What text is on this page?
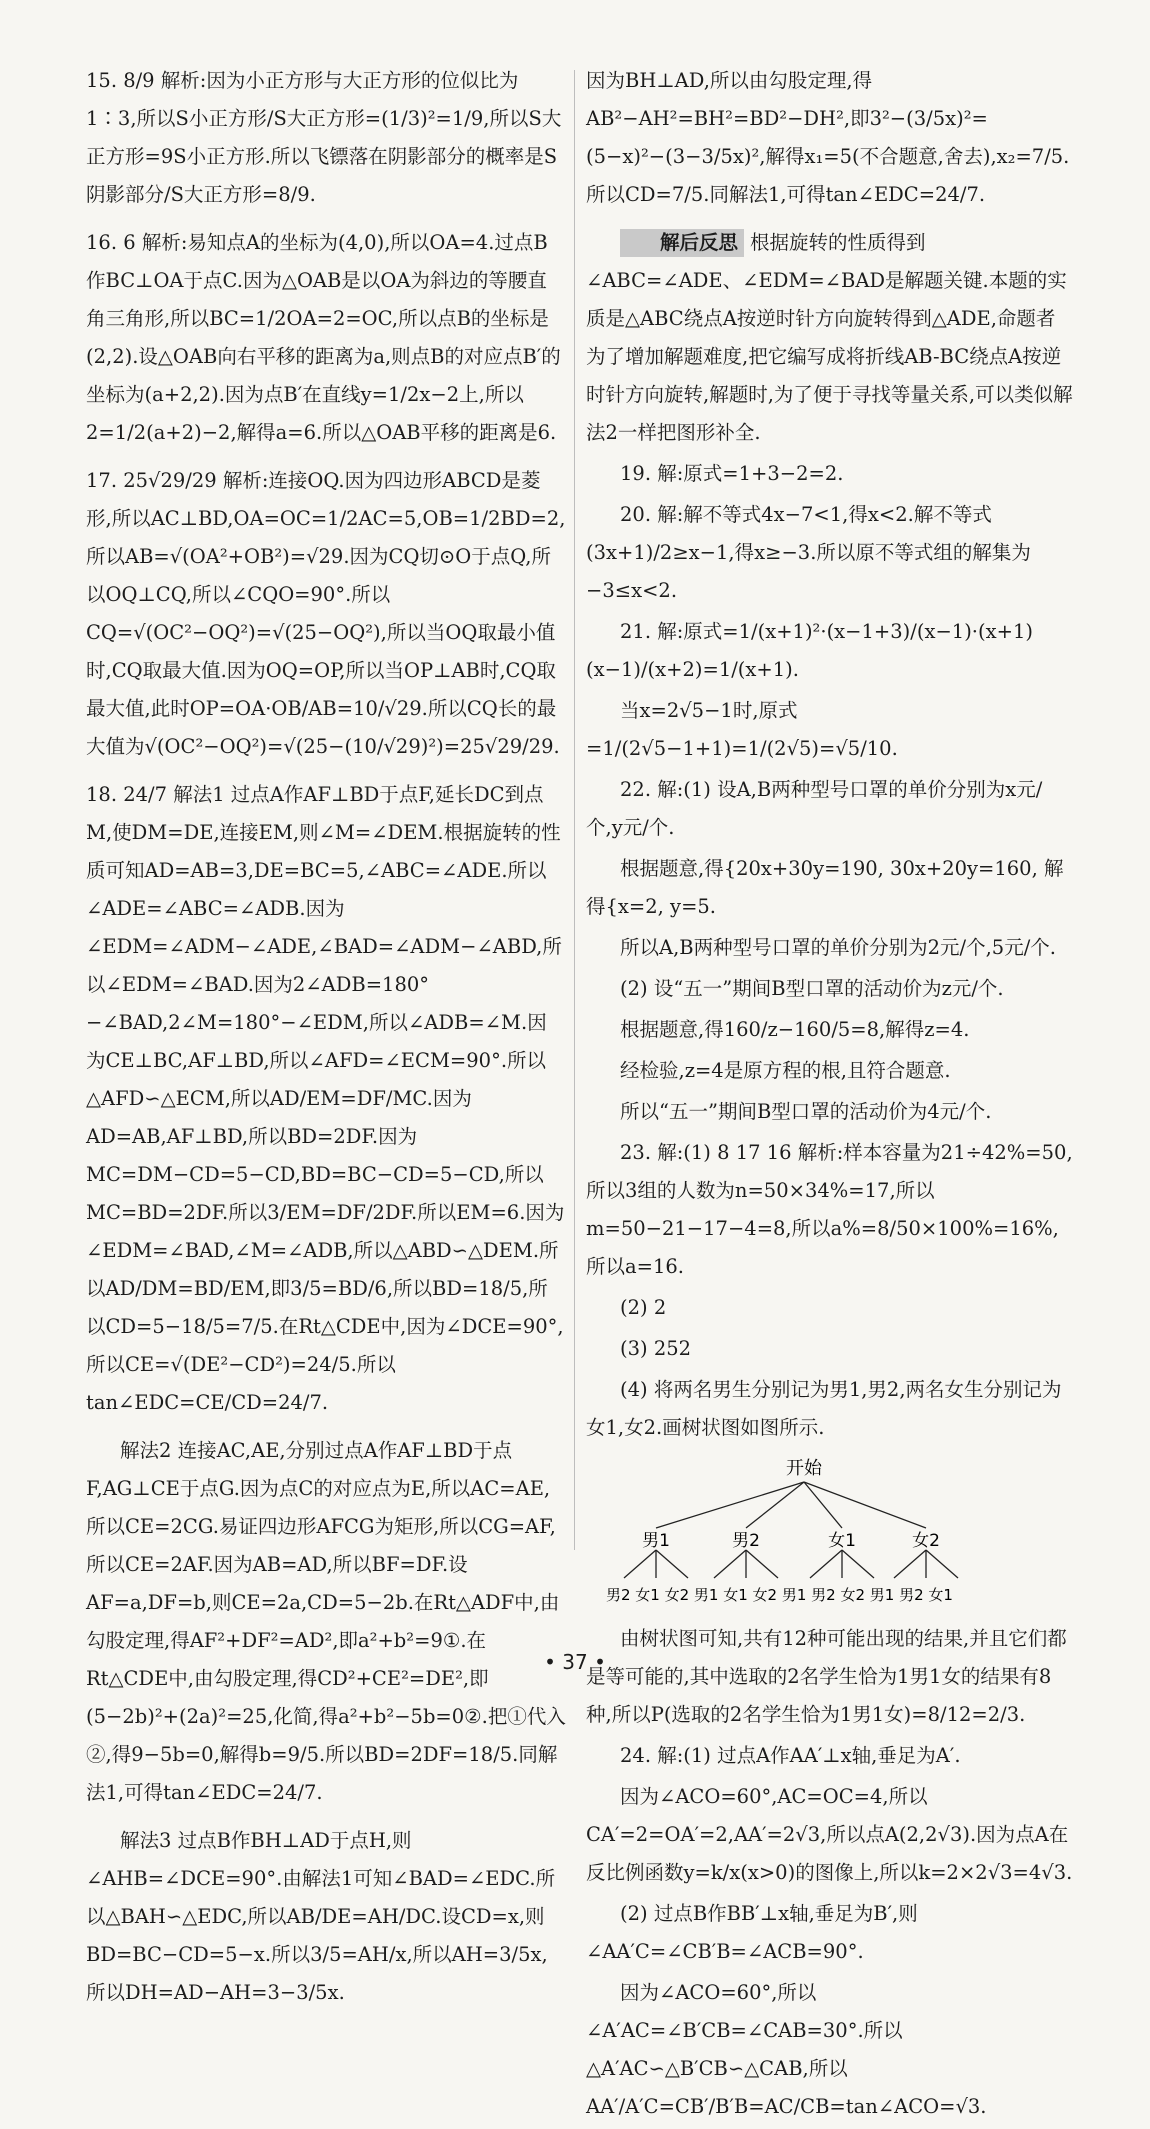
15. 8/9 解析:因为小正方形与大正方形的位似比为1∶3,所以S小正方形/S大正方形=(1/3)²=1/9,所以S大正方形=9S小正方形.所以飞镖落在阴影部分的概率是S阴影部分/S大正方形=8/9.

16. 6 解析:易知点A的坐标为(4,0),所以OA=4.过点B作BC⊥OA于点C.因为△OAB是以OA为斜边的等腰直角三角形,所以BC=1/2OA=2=OC,所以点B的坐标是(2,2).设△OAB向右平移的距离为a,则点B的对应点B′的坐标为(a+2,2).因为点B′在直线y=1/2x−2上,所以2=1/2(a+2)−2,解得a=6.所以△OAB平移的距离是6.

17. 25√29/29 解析:连接OQ.因为四边形ABCD是菱形,所以AC⊥BD,OA=OC=1/2AC=5,OB=1/2BD=2,所以AB=√(OA²+OB²)=√29.因为CQ切⊙O于点Q,所以OQ⊥CQ,所以∠CQO=90°.所以CQ=√(OC²−OQ²)=√(25−OQ²),所以当OQ取最小值时,CQ取最大值.因为OQ=OP,所以当OP⊥AB时,CQ取最大值,此时OP=OA·OB/AB=10/√29.所以CQ长的最大值为√(OC²−OQ²)=√(25−(10/√29)²)=25√29/29.

18. 24/7 解法1 过点A作AF⊥BD于点F,延长DC到点M,使DM=DE,连接EM,则∠M=∠DEM.根据旋转的性质可知AD=AB=3,DE=BC=5,∠ABC=∠ADE.所以∠ADE=∠ABC=∠ADB.因为∠EDM=∠ADM−∠ADE,∠BAD=∠ADM−∠ABD,所以∠EDM=∠BAD.因为2∠ADB=180°−∠BAD,2∠M=180°−∠EDM,所以∠ADB=∠M.因为CE⊥BC,AF⊥BD,所以∠AFD=∠ECM=90°.所以△AFD∽△ECM,所以AD/EM=DF/MC.因为AD=AB,AF⊥BD,所以BD=2DF.因为MC=DM−CD=5−CD,BD=BC−CD=5−CD,所以MC=BD=2DF.所以3/EM=DF/2DF.所以EM=6.因为∠EDM=∠BAD,∠M=∠ADB,所以△ABD∽△DEM.所以AD/DM=BD/EM,即3/5=BD/6,所以BD=18/5,所以CD=5−18/5=7/5.在Rt△CDE中,因为∠DCE=90°,所以CE=√(DE²−CD²)=24/5.所以tan∠EDC=CE/CD=24/7.

解法2 连接AC,AE,分别过点A作AF⊥BD于点F,AG⊥CE于点G.因为点C的对应点为E,所以AC=AE,所以CE=2CG.易证四边形AFCG为矩形,所以CG=AF,所以CE=2AF.因为AB=AD,所以BF=DF.设AF=a,DF=b,则CE=2a,CD=5−2b.在Rt△ADF中,由勾股定理,得AF²+DF²=AD²,即a²+b²=9①.在Rt△CDE中,由勾股定理,得CD²+CE²=DE²,即(5−2b)²+(2a)²=25,化简,得a²+b²−5b=0②.把①代入②,得9−5b=0,解得b=9/5.所以BD=2DF=18/5.同解法1,可得tan∠EDC=24/7.

解法3 过点B作BH⊥AD于点H,则∠AHB=∠DCE=90°.由解法1可知∠BAD=∠EDC.所以△BAH∽△EDC,所以AB/DE=AH/DC.设CD=x,则BD=BC−CD=5−x.所以3/5=AH/x,所以AH=3/5x,所以DH=AD−AH=3−3/5x.

因为BH⊥AD,所以由勾股定理,得AB²−AH²=BH²=BD²−DH²,即3²−(3/5x)²=(5−x)²−(3−3/5x)²,解得x₁=5(不合题意,舍去),x₂=7/5.所以CD=7/5.同解法1,可得tan∠EDC=24/7.

解后反思 根据旋转的性质得到∠ABC=∠ADE、∠EDM=∠BAD是解题关键.本题的实质是△ABC绕点A按逆时针方向旋转得到△ADE,命题者为了增加解题难度,把它编写成将折线AB-BC绕点A按逆时针方向旋转,解题时,为了便于寻找等量关系,可以类似解法2一样把图形补全.

19. 解:原式=1+3−2=2.

20. 解:解不等式4x−7<1,得x<2.解不等式(3x+1)/2≥x−1,得x≥−3.所以原不等式组的解集为−3≤x<2.

21. 解:原式=1/(x+1)²·(x−1+3)/(x−1)·(x+1)(x−1)/(x+2)=1/(x+1).

当x=2√5−1时,原式=1/(2√5−1+1)=1/(2√5)=√5/10.

22. 解:(1) 设A,B两种型号口罩的单价分别为x元/个,y元/个.

根据题意,得{20x+30y=190, 30x+20y=160, 解得{x=2, y=5.

所以A,B两种型号口罩的单价分别为2元/个,5元/个.

(2) 设“五一”期间B型口罩的活动价为z元/个.

根据题意,得160/z−160/5=8,解得z=4.

经检验,z=4是原方程的根,且符合题意.

所以“五一”期间B型口罩的活动价为4元/个.

23. 解:(1) 8 17 16 解析:样本容量为21÷42%=50,所以3组的人数为n=50×34%=17,所以m=50−21−17−4=8,所以a%=8/50×100%=16%,所以a=16.

(2) 2

(3) 252

(4) 将两名男生分别记为男1,男2,两名女生分别记为女1,女2.画树状图如图所示.

开始
男1	男2	女1	女2
男2 女1 女2 男1 女1 女2 男1 男2 女2 男1 男2 女1

由树状图可知,共有12种可能出现的结果,并且它们都是等可能的,其中选取的2名学生恰为1男1女的结果有8种,所以P(选取的2名学生恰为1男1女)=8/12=2/3.

24. 解:(1) 过点A作AA′⊥x轴,垂足为A′.

因为∠ACO=60°,AC=OC=4,所以CA′=2=OA′=2,AA′=2√3,所以点A(2,2√3).因为点A在反比例函数y=k/x(x>0)的图像上,所以k=2×2√3=4√3.

(2) 过点B作BB′⊥x轴,垂足为B′,则∠AA′C=∠CB′B=∠ACB=90°.

因为∠ACO=60°,所以∠A′AC=∠B′CB=∠CAB=30°.所以△A′AC∽△B′CB∽△CAB,所以AA′/A′C=CB′/B′B=AC/CB=tan∠ACO=√3.

• 37 •
